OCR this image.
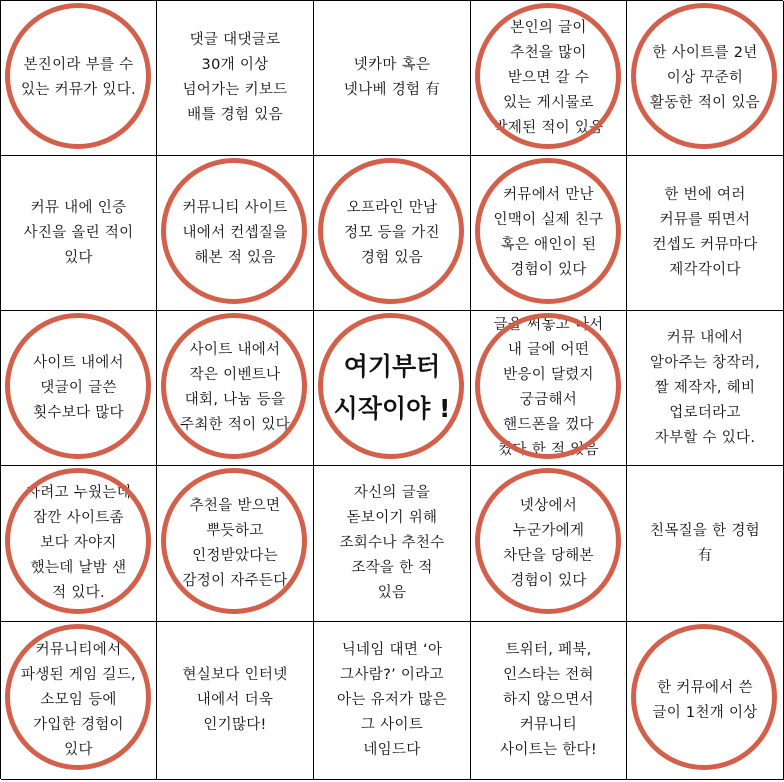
본진이라 부를 수
있는 커뮤가 있다.
댓글 대댓글로
30개 이상
넘어가는 키보드
배틀 경험 있음
넷카마 혹은
넷나베 경험 有
본인의 글이
추천을 많이
받으면 갈 수
있는 게시물로
박제된 적이 있음
한 사이트를 2년
이상 꾸준히
활동한 적이 있음
커뮤 내에 인증
사진을 올린 적이
있다
커뮤니티 사이트
내에서 컨셉질을
해본 적 있음
오프라인 만남
정모 등을 가진
경험 있음
커뮤에서 만난
인맥이 실제 친구
혹은 애인이 된
경험이 있다
한 번에 여러
커뮤를 뛰면서
컨셉도 커뮤마다
제각각이다
사이트 내에서
댓글이 글쓴
횟수보다 많다
사이트 내에서
작은 이벤트나
대회, 나눔 등을
주최한 적이 있다
여기부터
시작이야 !
글을 써놓고 나서
내 글에 어떤
반응이 달렸지
궁금해서
핸드폰을 껐다
켰다 한 적 있음
커뮤 내에서
알아주는 창작러,
짤 제작자, 헤비
업로더라고
자부할 수 있다.
자려고 누웠는데
잠깐 사이트좀
보다 자야지
했는데 날밤 샌
적 있다.
추천을 받으면
뿌듯하고
인정받았다는
감정이 자주든다
자신의 글을
돋보이기 위해
조회수나 추천수
조작을 한 적
있음
넷상에서
누군가에게
차단을 당해본
경험이 있다
친목질을 한 경험
有
커뮤니티에서
파생된 게임 길드,
소모임 등에
가입한 경험이
있다
현실보다 인터넷
내에서 더욱
인기많다!
닉네임 대면 ‘아
그사람?’ 이라고
아는 유저가 많은
그 사이트
네임드다
트위터, 페북,
인스타는 전혀
하지 않으면서
커뮤니티
사이트는 한다!
한 커뮤에서 쓴
글이 1천개 이상
